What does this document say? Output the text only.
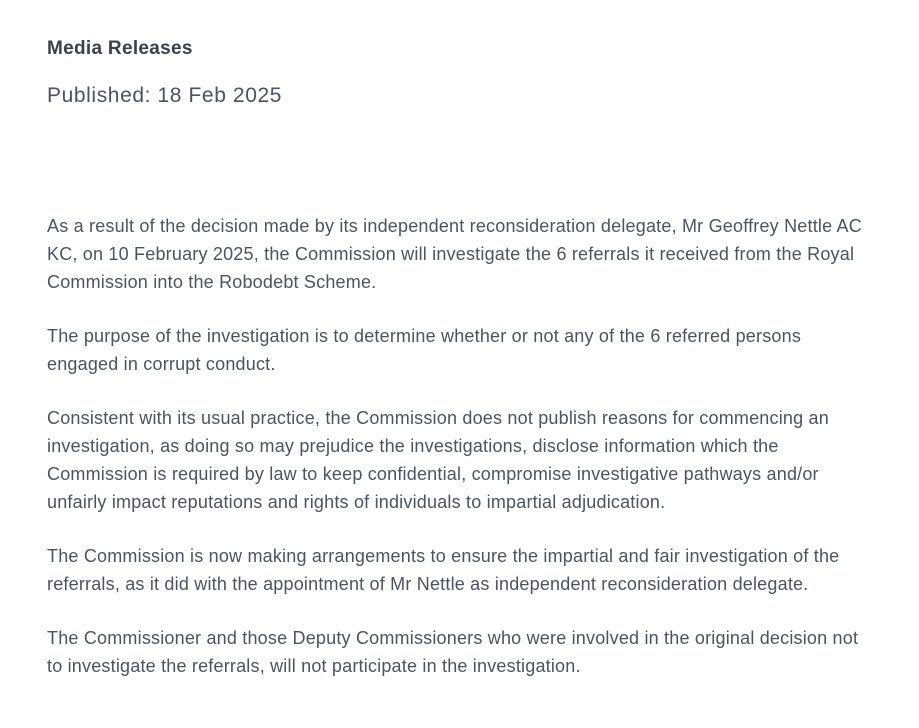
Media Releases
Published: 18 Feb 2025

As a result of the decision made by its independent reconsideration delegate, Mr Geoffrey Nettle AC KC, on 10 February 2025, the Commission will investigate the 6 referrals it received from the Royal Commission into the Robodebt Scheme.

The purpose of the investigation is to determine whether or not any of the 6 referred persons engaged in corrupt conduct.

Consistent with its usual practice, the Commission does not publish reasons for commencing an investigation, as doing so may prejudice the investigations, disclose information which the Commission is required by law to keep confidential, compromise investigative pathways and/or unfairly impact reputations and rights of individuals to impartial adjudication.

The Commission is now making arrangements to ensure the impartial and fair investigation of the referrals, as it did with the appointment of Mr Nettle as independent reconsideration delegate.

The Commissioner and those Deputy Commissioners who were involved in the original decision not to investigate the referrals, will not participate in the investigation.
